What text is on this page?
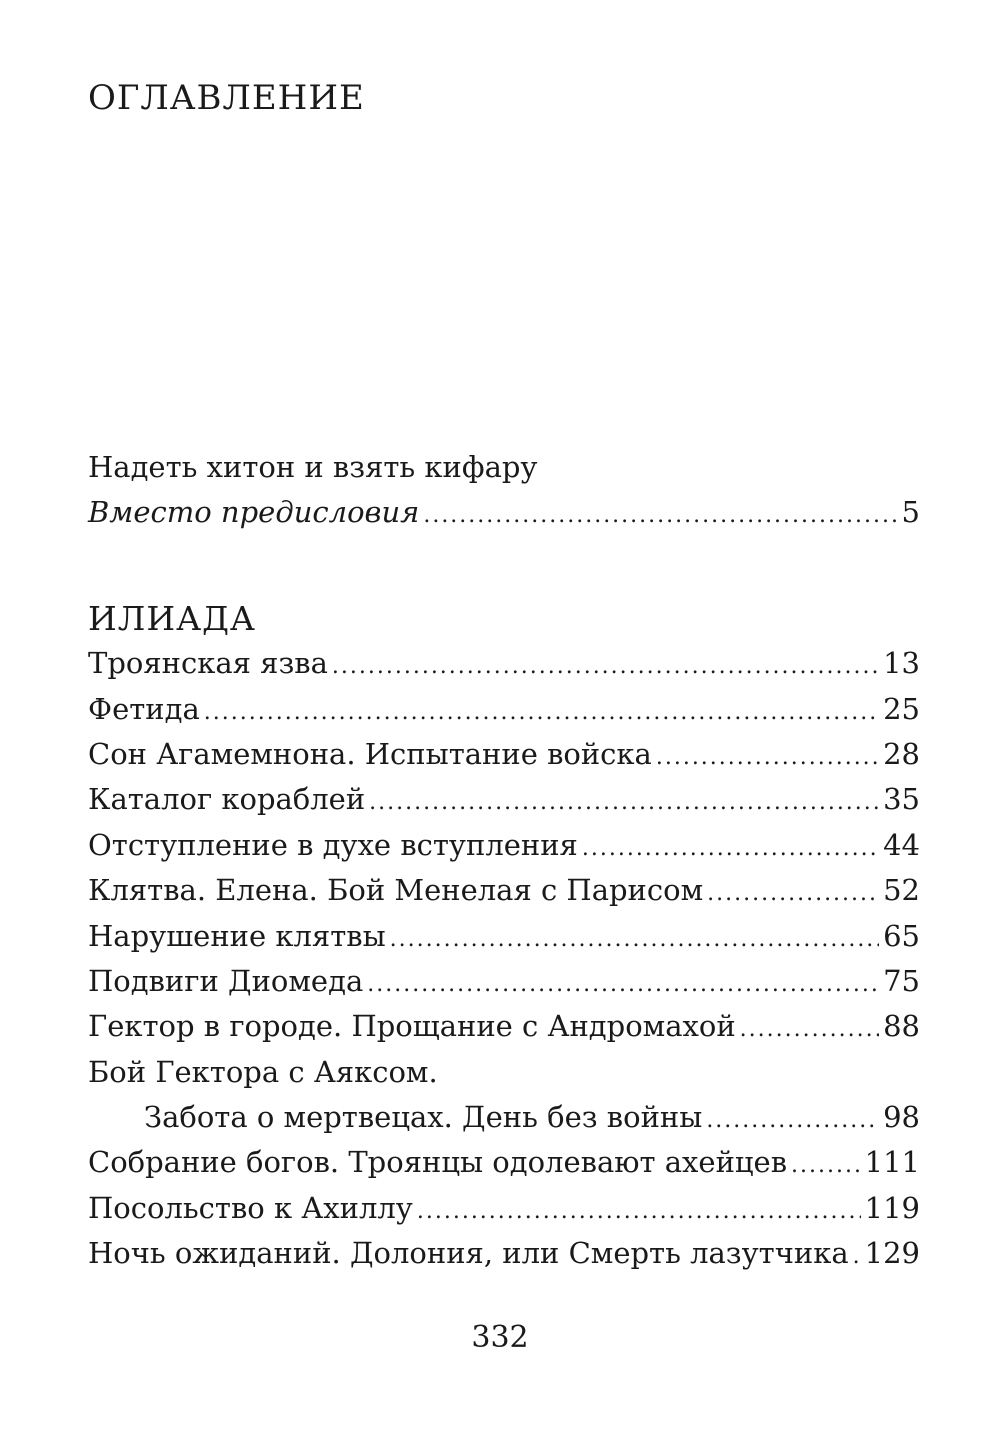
ОГЛАВЛЕНИЕ
Надеть хитон и взять кифару
Вместо предисловия .....	5
ИЛИАДА
Троянская язва .....	13
Фетида .....	25
Сон Агамемнона. Испытание войска .....	28
Каталог кораблей .....	35
Отступление в духе вступления .....	44
Клятва. Елена. Бой Менелая с Парисом .....	52
Нарушение клятвы .....	65
Подвиги Диомеда .....	75
Гектор в городе. Прощание с Андромахой .....	88
Бой Гектора с Аяксом.
Забота о мертвецах. День без войны .....	98
Собрание богов. Троянцы одолевают ахейцев .....	111
Посольство к Ахиллу .....	119
Ночь ожиданий. Долония, или Смерть лазутчика ..... 129
332
